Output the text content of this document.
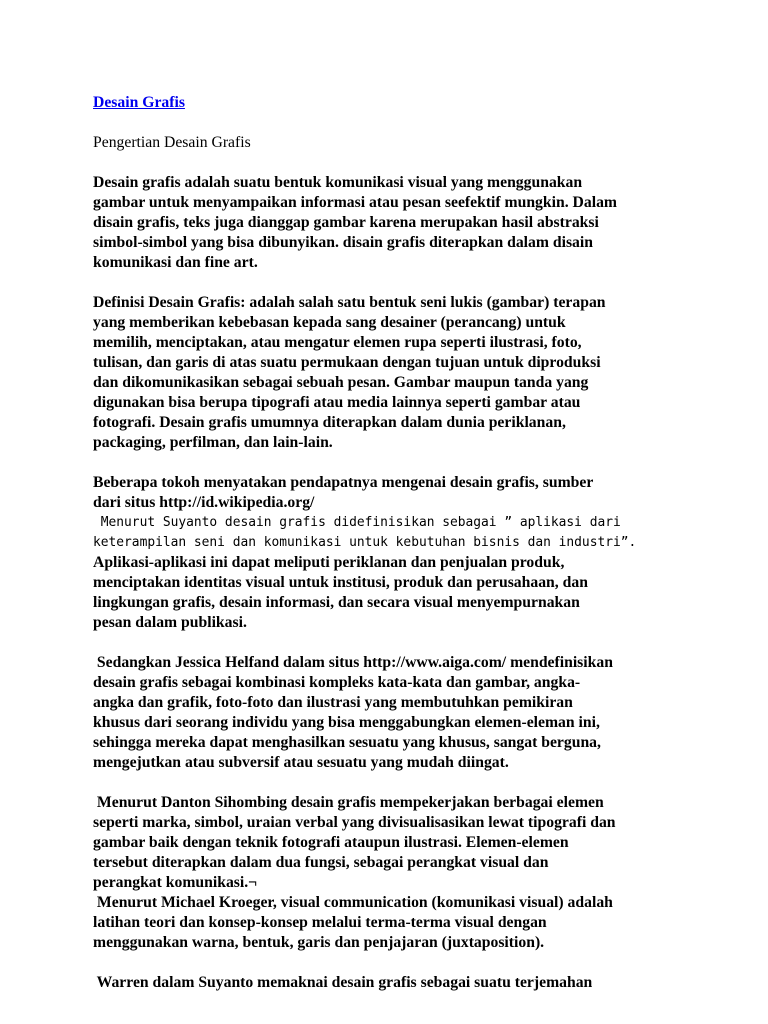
Desain Grafis

Pengertian Desain Grafis

Desain grafis adalah suatu bentuk komunikasi visual yang menggunakan
gambar untuk menyampaikan informasi atau pesan seefektif mungkin. Dalam
disain grafis, teks juga dianggap gambar karena merupakan hasil abstraksi
simbol-simbol yang bisa dibunyikan. disain grafis diterapkan dalam disain
komunikasi dan fine art.

Definisi Desain Grafis: adalah salah satu bentuk seni lukis (gambar) terapan
yang memberikan kebebasan kepada sang desainer (perancang) untuk
memilih, menciptakan, atau mengatur elemen rupa seperti ilustrasi, foto,
tulisan, dan garis di atas suatu permukaan dengan tujuan untuk diproduksi
dan dikomunikasikan sebagai sebuah pesan. Gambar maupun tanda yang
digunakan bisa berupa tipografi atau media lainnya seperti gambar atau
fotografi. Desain grafis umumnya diterapkan dalam dunia periklanan,
packaging, perfilman, dan lain-lain.

Beberapa tokoh menyatakan pendapatnya mengenai desain grafis, sumber
dari situs http://id.wikipedia.org/
Menurut Suyanto desain grafis didefinisikan sebagai ” aplikasi dari
keterampilan seni dan komunikasi untuk kebutuhan bisnis dan industri”.
Aplikasi-aplikasi ini dapat meliputi periklanan dan penjualan produk,
menciptakan identitas visual untuk institusi, produk dan perusahaan, dan
lingkungan grafis, desain informasi, dan secara visual menyempurnakan
pesan dalam publikasi.

Sedangkan Jessica Helfand dalam situs http://www.aiga.com/ mendefinisikan
desain grafis sebagai kombinasi kompleks kata-kata dan gambar, angka-
angka dan grafik, foto-foto dan ilustrasi yang membutuhkan pemikiran
khusus dari seorang individu yang bisa menggabungkan elemen-eleman ini,
sehingga mereka dapat menghasilkan sesuatu yang khusus, sangat berguna,
mengejutkan atau subversif atau sesuatu yang mudah diingat.

Menurut Danton Sihombing desain grafis mempekerjakan berbagai elemen
seperti marka, simbol, uraian verbal yang divisualisasikan lewat tipografi dan
gambar baik dengan teknik fotografi ataupun ilustrasi. Elemen-elemen
tersebut diterapkan dalam dua fungsi, sebagai perangkat visual dan
perangkat komunikasi.¬
Menurut Michael Kroeger, visual communication (komunikasi visual) adalah
latihan teori dan konsep-konsep melalui terma-terma visual dengan
menggunakan warna, bentuk, garis dan penjajaran (juxtaposition).

Warren dalam Suyanto memaknai desain grafis sebagai suatu terjemahan
